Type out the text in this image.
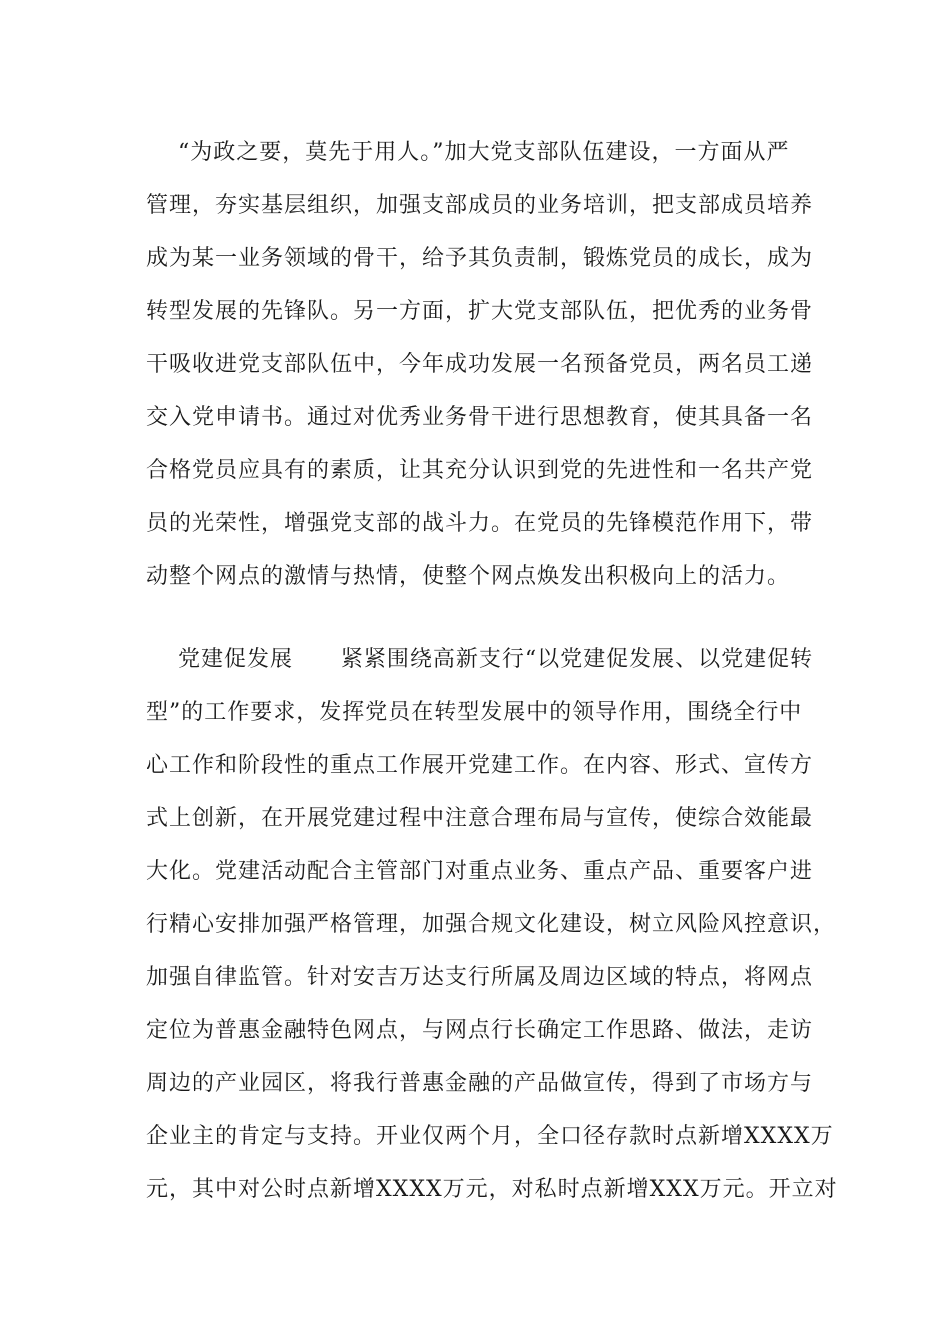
“为政之要，莫先于用人。”加大党支部队伍建设，一方面从严
管理，夯实基层组织，加强支部成员的业务培训，把支部成员培养
成为某一业务领域的骨干，给予其负责制，锻炼党员的成长，成为
转型发展的先锋队。另一方面，扩大党支部队伍，把优秀的业务骨
干吸收进党支部队伍中，今年成功发展一名预备党员，两名员工递
交入党申请书。通过对优秀业务骨干进行思想教育，使其具备一名
合格党员应具有的素质，让其充分认识到党的先进性和一名共产党
员的光荣性，增强党支部的战斗力。在党员的先锋模范作用下，带
动整个网点的激情与热情，使整个网点焕发出积极向上的活力。
党建促发展      紧紧围绕高新支行“以党建促发展、以党建促转
型”的工作要求，发挥党员在转型发展中的领导作用，围绕全行中
心工作和阶段性的重点工作展开党建工作。在内容、形式、宣传方
式上创新，在开展党建过程中注意合理布局与宣传，使综合效能最
大化。党建活动配合主管部门对重点业务、重点产品、重要客户进
行精心安排加强严格管理，加强合规文化建设，树立风险风控意识，
加强自律监管。针对安吉万达支行所属及周边区域的特点，将网点
定位为普惠金融特色网点，与网点行长确定工作思路、做法，走访
周边的产业园区，将我行普惠金融的产品做宣传，得到了市场方与
企业主的肯定与支持。开业仅两个月，全口径存款时点新增XXXX万
元，其中对公时点新增XXXX万元，对私时点新增XXX万元。开立对
